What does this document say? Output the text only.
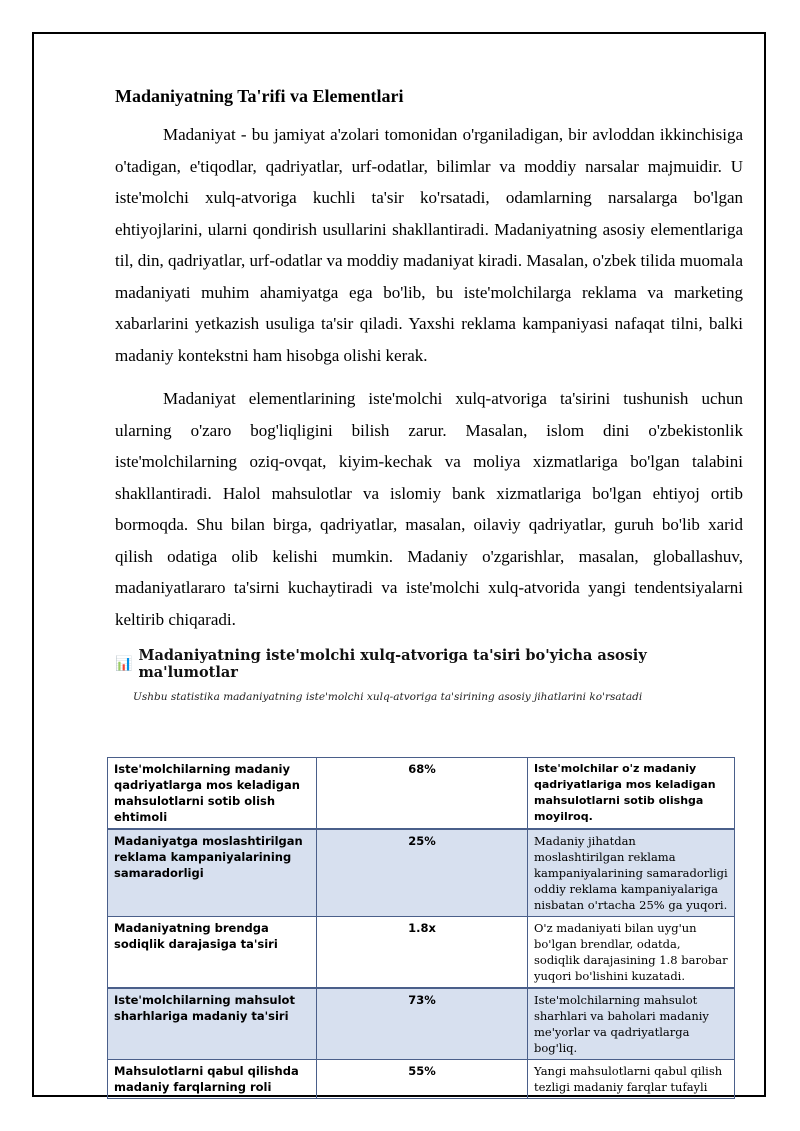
Madaniyatning Ta'rifi va Elementlari

Madaniyat - bu jamiyat a'zolari tomonidan o'rganiladigan, bir avloddan ikkinchisiga o'tadigan, e'tiqodlar, qadriyatlar, urf-odatlar, bilimlar va moddiy narsalar majmuidir. U iste'molchi xulq-atvoriga kuchli ta'sir ko'rsatadi, odamlarning narsalarga bo'lgan ehtiyojlarini, ularni qondirish usullarini shakllantiradi. Madaniyatning asosiy elementlariga til, din, qadriyatlar, urf-odatlar va moddiy madaniyat kiradi. Masalan, o'zbek tilida muomala madaniyati muhim ahamiyatga ega bo'lib, bu iste'molchilarga reklama va marketing xabarlarini yetkazish usuliga ta'sir qiladi. Yaxshi reklama kampaniyasi nafaqat tilni, balki madaniy kontekstni ham hisobga olishi kerak.

Madaniyat elementlarining iste'molchi xulq-atvoriga ta'sirini tushunish uchun ularning o'zaro bog'liqligini bilish zarur. Masalan, islom dini o'zbekistonlik iste'molchilarning oziq-ovqat, kiyim-kechak va moliya xizmatlariga bo'lgan talabini shakllantiradi. Halol mahsulotlar va islomiy bank xizmatlariga bo'lgan ehtiyoj ortib bormoqda. Shu bilan birga, qadriyatlar, masalan, oilaviy qadriyatlar, guruh bo'lib xarid qilish odatiga olib kelishi mumkin. Madaniy o'zgarishlar, masalan, globallashuv, madaniyatlararo ta'sirni kuchaytiradi va iste'molchi xulq-atvorida yangi tendentsiyalarni keltirib chiqaradi.

📊 Madaniyatning iste'molchi xulq-atvoriga ta'siri bo'yicha asosiy ma'lumotlar
Ushbu statistika madaniyatning iste'molchi xulq-atvoriga ta'sirining asosiy jihatlarini ko'rsatadi
Iste'molchilarning madaniy qadriyatlarga mos keladigan mahsulotlarni sotib olish ehtimoli	68%	Iste'molchilar o'z madaniy qadriyatlariga mos keladigan mahsulotlarni sotib olishga moyilroq.
Madaniyatga moslashtirilgan reklama kampaniyalarining samaradorligi	25%	Madaniy jihatdan moslashtirilgan reklama kampaniyalarining samaradorligi oddiy reklama kampaniyalariga nisbatan o'rtacha 25% ga yuqori.
Madaniyatning brendga sodiqlik darajasiga ta'siri	1.8x	O'z madaniyati bilan uyg'un bo'lgan brendlar, odatda, sodiqlik darajasining 1.8 barobar yuqori bo'lishini kuzatadi.
Iste'molchilarning mahsulot sharhlariga madaniy ta'siri	73%	Iste'molchilarning mahsulot sharhlari va baholari madaniy me'yorlar va qadriyatlarga bog'liq.
Mahsulotlarni qabul qilishda madaniy farqlarning roli	55%	Yangi mahsulotlarni qabul qilish tezligi madaniy farqlar tufayli
